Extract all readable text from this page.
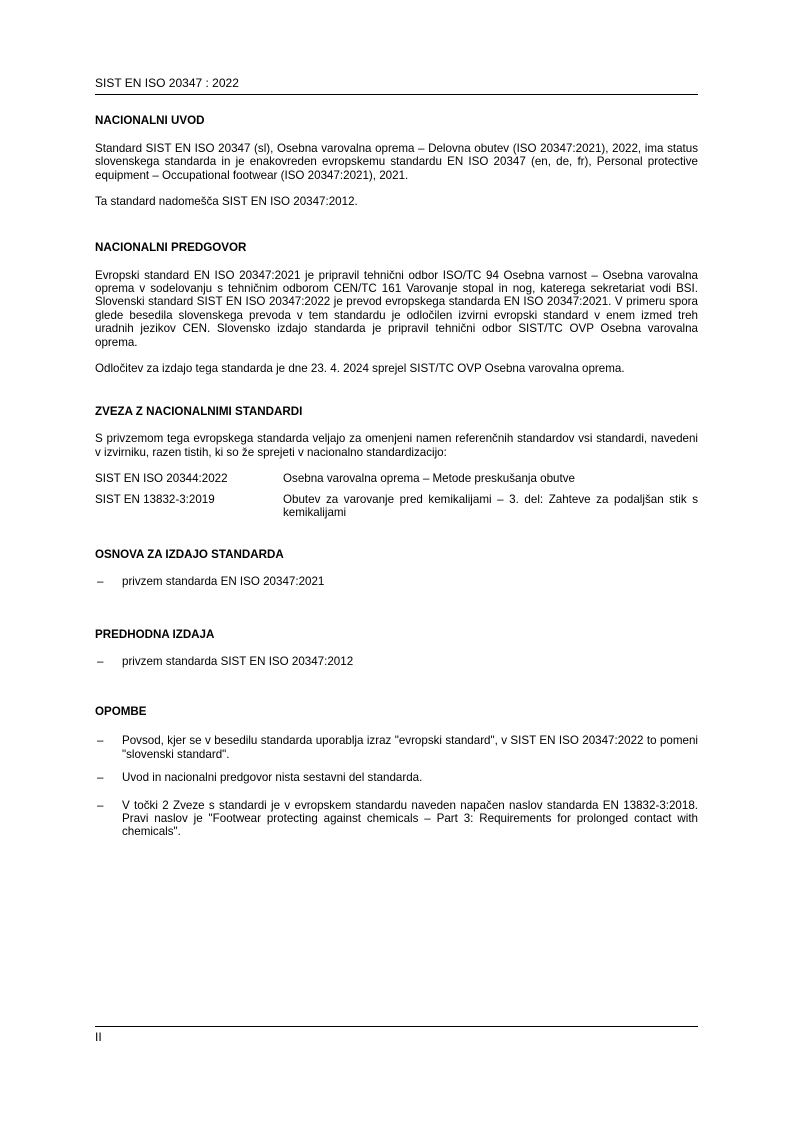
SIST EN ISO 20347 : 2022
NACIONALNI UVOD

Standard SIST EN ISO 20347 (sl), Osebna varovalna oprema – Delovna obutev (ISO 20347:2021), 2022, ima status slovenskega standarda in je enakovreden evropskemu standardu EN ISO 20347 (en, de, fr), Personal protective equipment – Occupational footwear (ISO 20347:2021), 2021.

Ta standard nadomešča SIST EN ISO 20347:2012.

NACIONALNI PREDGOVOR

Evropski standard EN ISO 20347:2021 je pripravil tehnični odbor ISO/TC 94 Osebna varnost – Osebna varovalna oprema v sodelovanju s tehničnim odborom CEN/TC 161 Varovanje stopal in nog, katerega sekretariat vodi BSI. Slovenski standard SIST EN ISO 20347:2022 je prevod evropskega standarda EN ISO 20347:2021. V primeru spora glede besedila slovenskega prevoda v tem standardu je odločilen izvirni evropski standard v enem izmed treh uradnih jezikov CEN. Slovensko izdajo standarda je pripravil tehnični odbor SIST/TC OVP Osebna varovalna oprema.

Odločitev za izdajo tega standarda je dne 23. 4. 2024 sprejel SIST/TC OVP Osebna varovalna oprema.

ZVEZA Z NACIONALNIMI STANDARDI

S privzemom tega evropskega standarda veljajo za omenjeni namen referenčnih standardov vsi standardi, navedeni v izvirniku, razen tistih, ki so že sprejeti v nacionalno standardizacijo:

SIST EN ISO 20344:2022	Osebna varovalna oprema – Metode preskušanja obutve
SIST EN 13832-3:2019	Obutev za varovanje pred kemikalijami – 3. del: Zahteve za podaljšan stik s kemikalijami
OSNOVA ZA IZDAJO STANDARDA
–	privzem standarda EN ISO 20347:2021
PREDHODNA IZDAJA
–	privzem standarda SIST EN ISO 20347:2012
OPOMBE
–	Povsod, kjer se v besedilu standarda uporablja izraz "evropski standard", v SIST EN ISO 20347:2022 to pomeni "slovenski standard".
–	Uvod in nacionalni predgovor nista sestavni del standarda.
–	V točki 2 Zveze s standardi je v evropskem standardu naveden napačen naslov standarda EN 13832-3:2018. Pravi naslov je "Footwear protecting against chemicals – Part 3: Requirements for prolonged contact with chemicals".
II
